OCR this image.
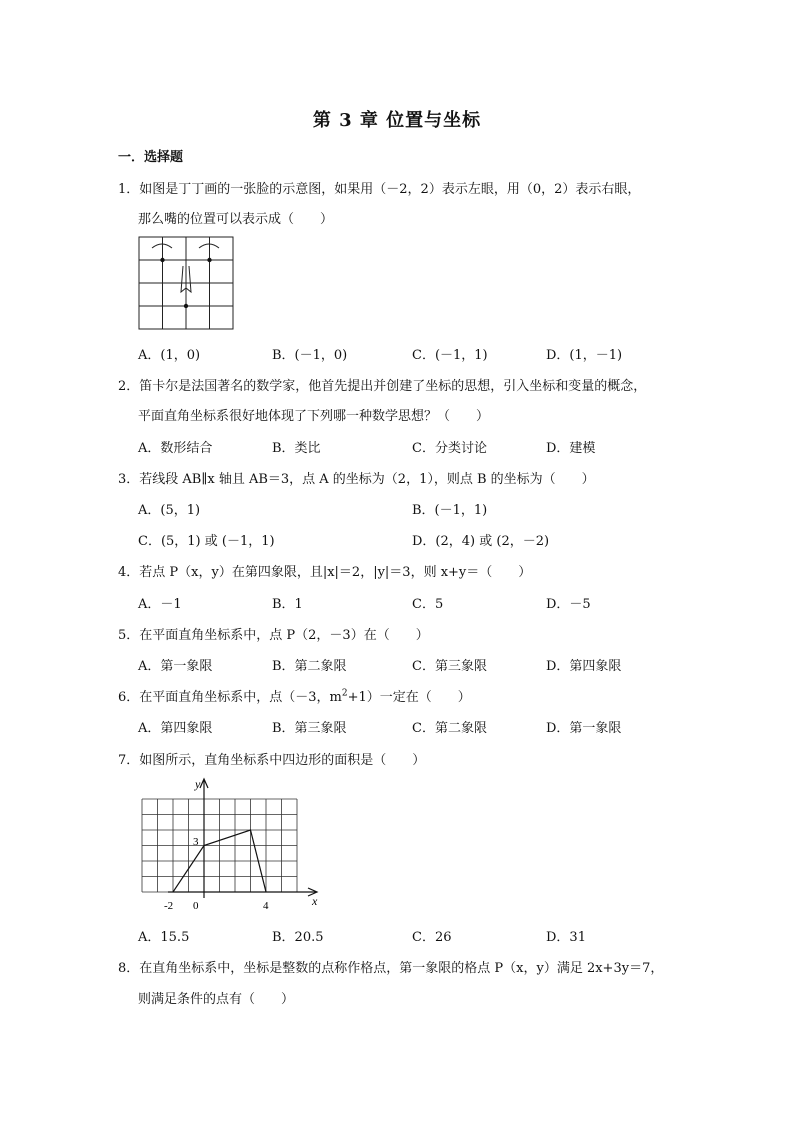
第 3 章 位置与坐标
一．选择题
1．如图是丁丁画的一张脸的示意图，如果用（－2，2）表示左眼，用（0，2）表示右眼，
那么嘴的位置可以表示成（　　）
A．(1，0)	B．(－1，0)	C．(－1，1)	D．(1，－1)
2．笛卡尔是法国著名的数学家，他首先提出并创建了坐标的思想，引入坐标和变量的概念，
平面直角坐标系很好地体现了下列哪一种数学思想？（　　）
A．数形结合	B．类比	C．分类讨论	D．建模
3．若线段 AB∥x 轴且 AB＝3，点 A 的坐标为（2，1），则点 B 的坐标为（　　）
A．(5，1)	B．(－1，1)
C．(5，1) 或 (－1，1)	D．(2，4) 或 (2，－2)
4．若点 P（x，y）在第四象限，且|x|＝2，|y|＝3，则 x+y＝（　　）
A．－1	B．1	C．5	D．－5
5．在平面直角坐标系中，点 P（2，－3）在（　　）
A．第一象限	B．第二象限	C．第三象限	D．第四象限
6．在平面直角坐标系中，点（－3，$m^2+1$）一定在（　　）
A．第四象限	B．第三象限	C．第二象限	D．第一象限
7．如图所示，直角坐标系中四边形的面积是（　　）
y
x
3
-2 0	4
A．15.5	B．20.5	C．26	D．31
8．在直角坐标系中，坐标是整数的点称作格点，第一象限的格点 P（x，y）满足 2x+3y＝7，
则满足条件的点有（　　）
